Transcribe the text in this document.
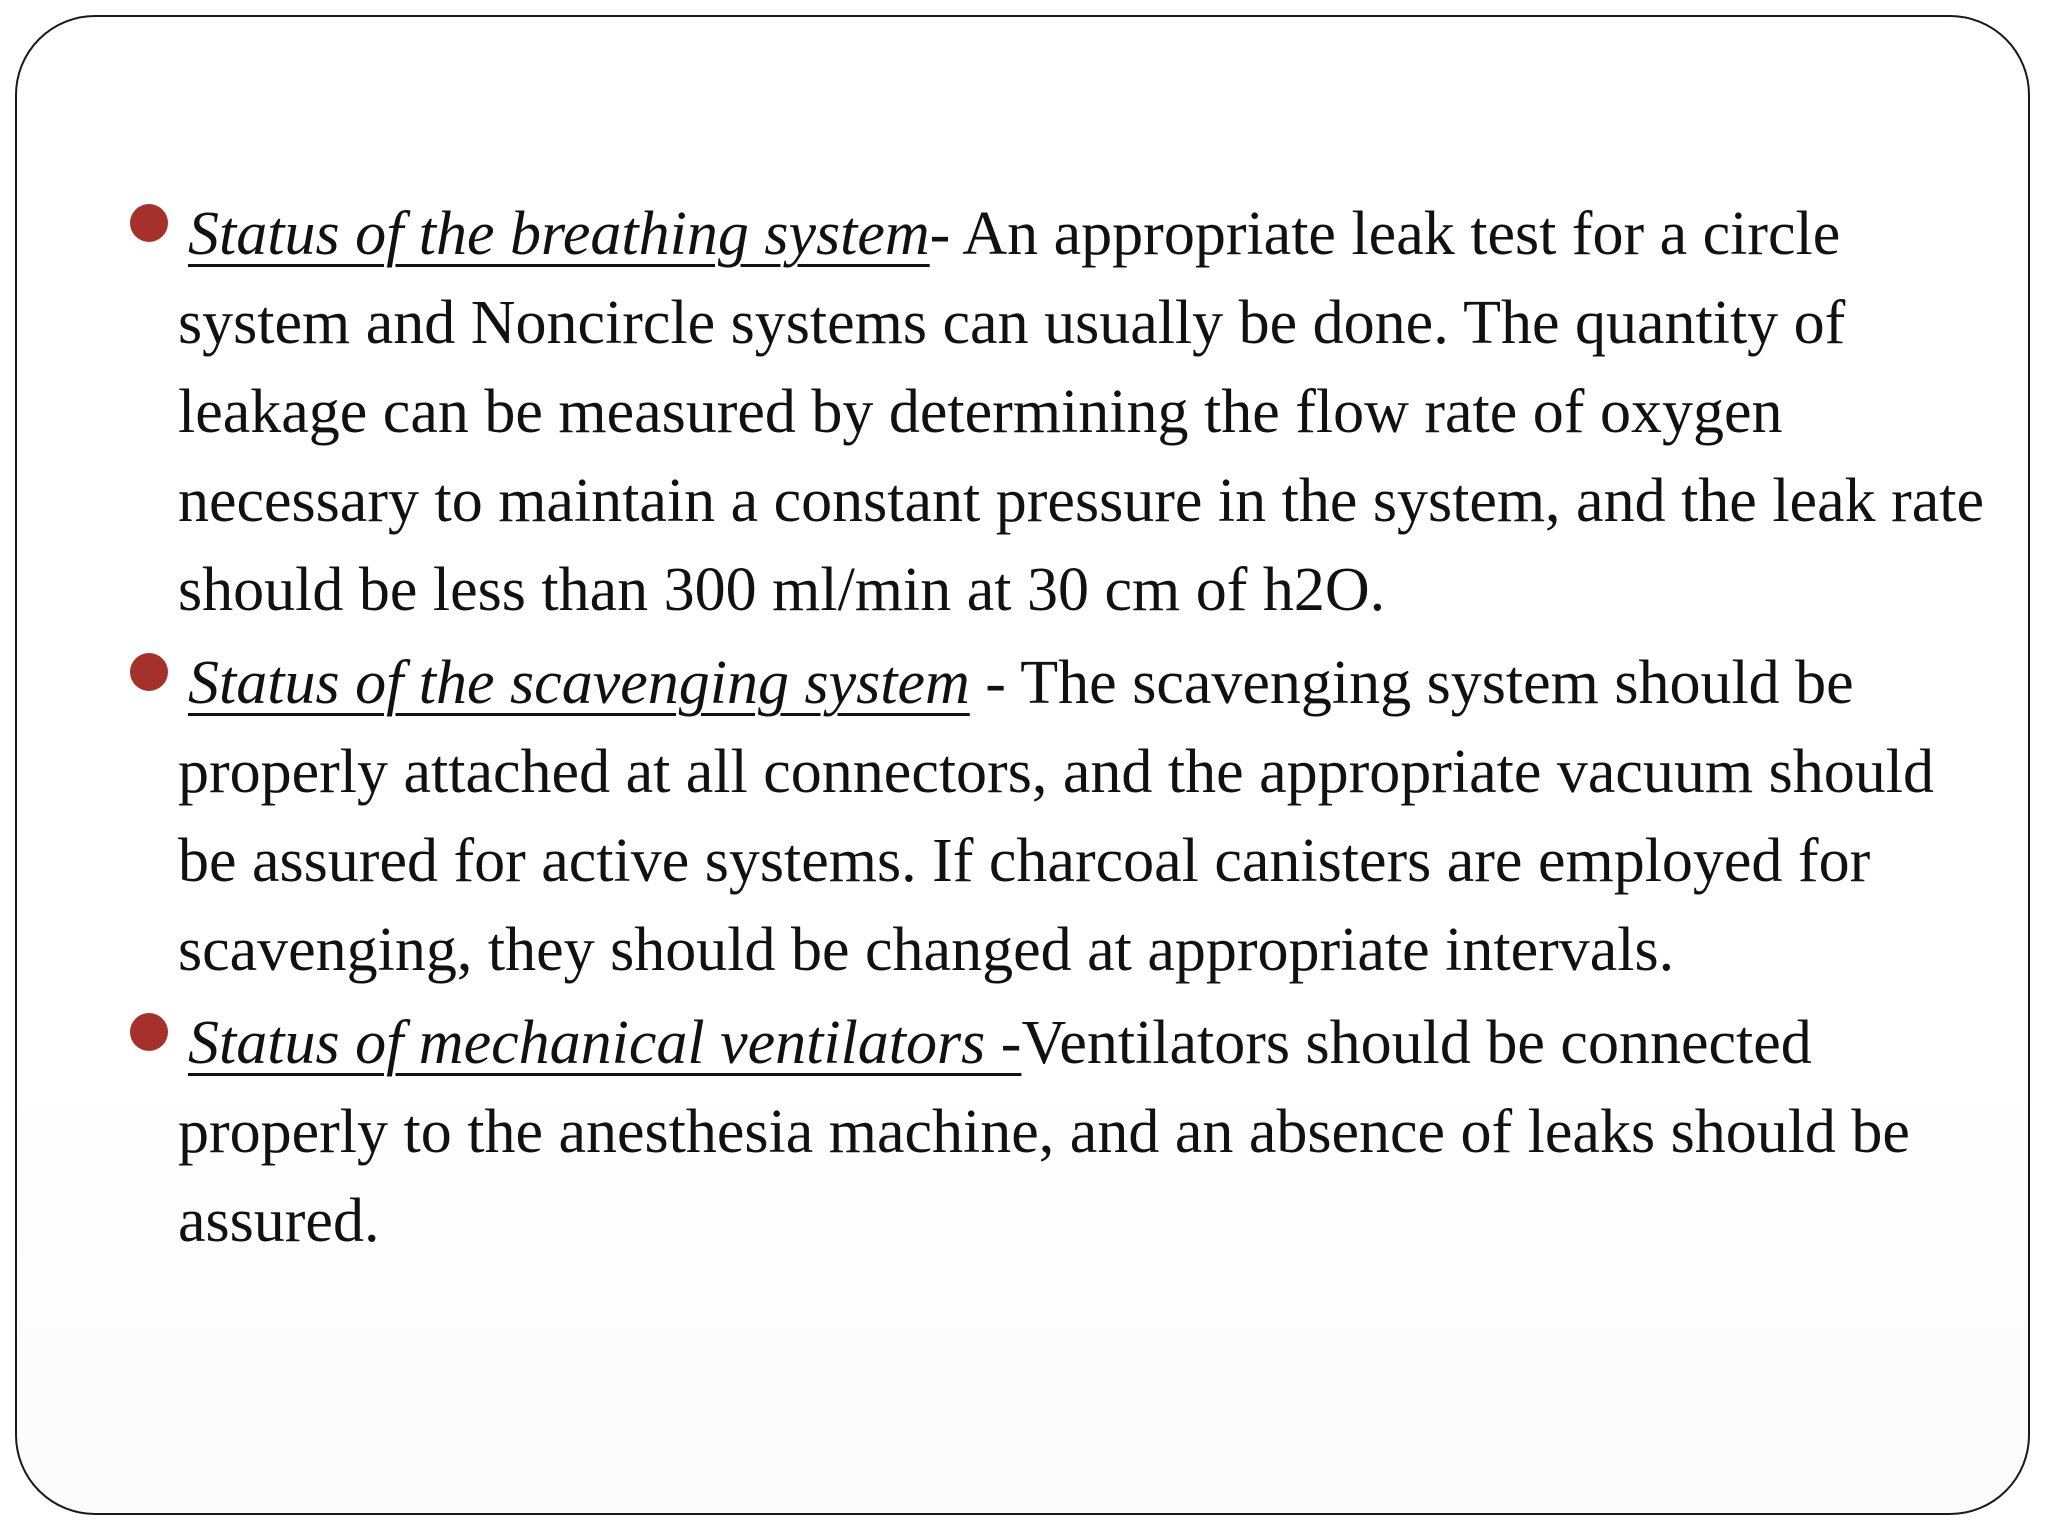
Status of the breathing system- An appropriate leak test for a circle system and Noncircle systems can usually be done. The quantity of leakage can be measured by determining the flow rate of oxygen necessary to maintain a constant pressure in the system, and the leak rate should be less than 300 ml/min at 30 cm of h2O.
Status of the scavenging system - The scavenging system should be properly attached at all connectors, and the appropriate vacuum should be assured for active systems. If charcoal canisters are employed for scavenging, they should be changed at appropriate intervals.
Status of mechanical ventilators -Ventilators should be connected properly to the anesthesia machine, and an absence of leaks should be assured.
